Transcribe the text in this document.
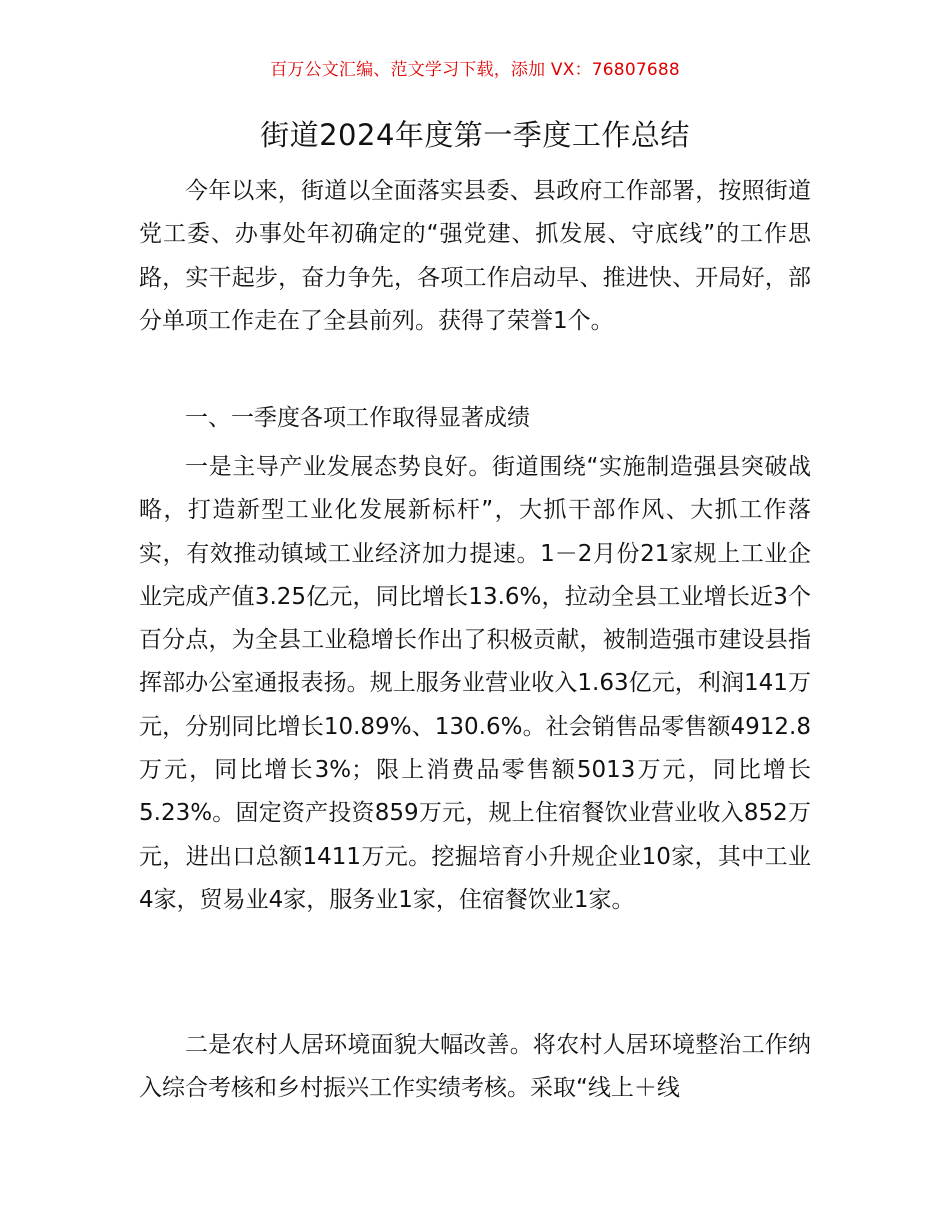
百万公文汇编、范文学习下载，添加 VX：76807688
街道2024年度第一季度工作总结

今年以来，街道以全面落实县委、县政府工作部署，按照街道党工委、办事处年初确定的“强党建、抓发展、守底线”的工作思路，实干起步，奋力争先，各项工作启动早、推进快、开局好，部分单项工作走在了全县前列。获得了荣誉1个。

一、一季度各项工作取得显著成绩

一是主导产业发展态势良好。街道围绕“实施制造强县突破战略，打造新型工业化发展新标杆”，大抓干部作风、大抓工作落实，有效推动镇域工业经济加力提速。1－2月份21家规上工业企业完成产值3.25亿元，同比增长13.6%，拉动全县工业增长近3个百分点，为全县工业稳增长作出了积极贡献，被制造强市建设县指挥部办公室通报表扬。规上服务业营业收入1.63亿元，利润141万元，分别同比增长10.89%、130.6%。社会销售品零售额4912.8万元，同比增长3%；限上消费品零售额5013万元，同比增长5.23%。固定资产投资859万元，规上住宿餐饮业营业收入852万元，进出口总额1411万元。挖掘培育小升规企业10家，其中工业4家，贸易业4家，服务业1家，住宿餐饮业1家。

二是农村人居环境面貌大幅改善。将农村人居环境整治工作纳入综合考核和乡村振兴工作实绩考核。采取“线上＋线
